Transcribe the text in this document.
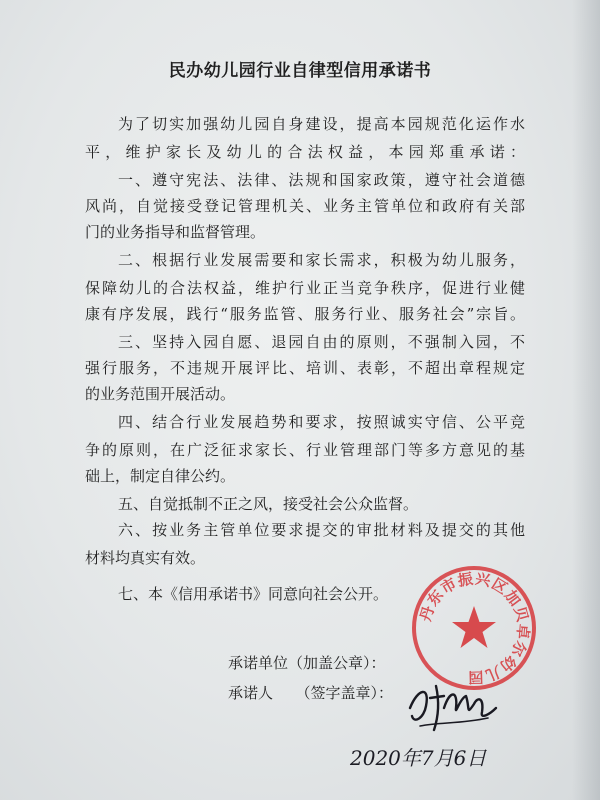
民办幼儿园行业自律型信用承诺书
为了切实加强幼儿园自身建设，提高本园规范化运作水
平，维护家长及幼儿的合法权益，本园郑重承诺：
一、遵守宪法、法律、法规和国家政策，遵守社会道德
风尚，自觉接受登记管理机关、业务主管单位和政府有关部
门的业务指导和监督管理。
二、根据行业发展需要和家长需求，积极为幼儿服务，
保障幼儿的合法权益，维护行业正当竞争秩序，促进行业健
康有序发展，践行“服务监管、服务行业、服务社会”宗旨。
三、坚持入园自愿、退园自由的原则，不强制入园，不
强行服务，不违规开展评比、培训、表彰，不超出章程规定
的业务范围开展活动。
四、结合行业发展趋势和要求，按照诚实守信、公平竞
争的原则，在广泛征求家长、行业管理部门等多方意见的基
础上，制定自律公约。
五、自觉抵制不正之风，接受社会公众监督。
六、按业务主管单位要求提交的审批材料及提交的其他
材料均真实有效。
七、本《信用承诺书》同意向社会公开。
承诺单位（加盖公章）：
承诺人　　（签字盖章）：
丹东市振兴区加贝卓尔幼儿园
2020年7月6日
